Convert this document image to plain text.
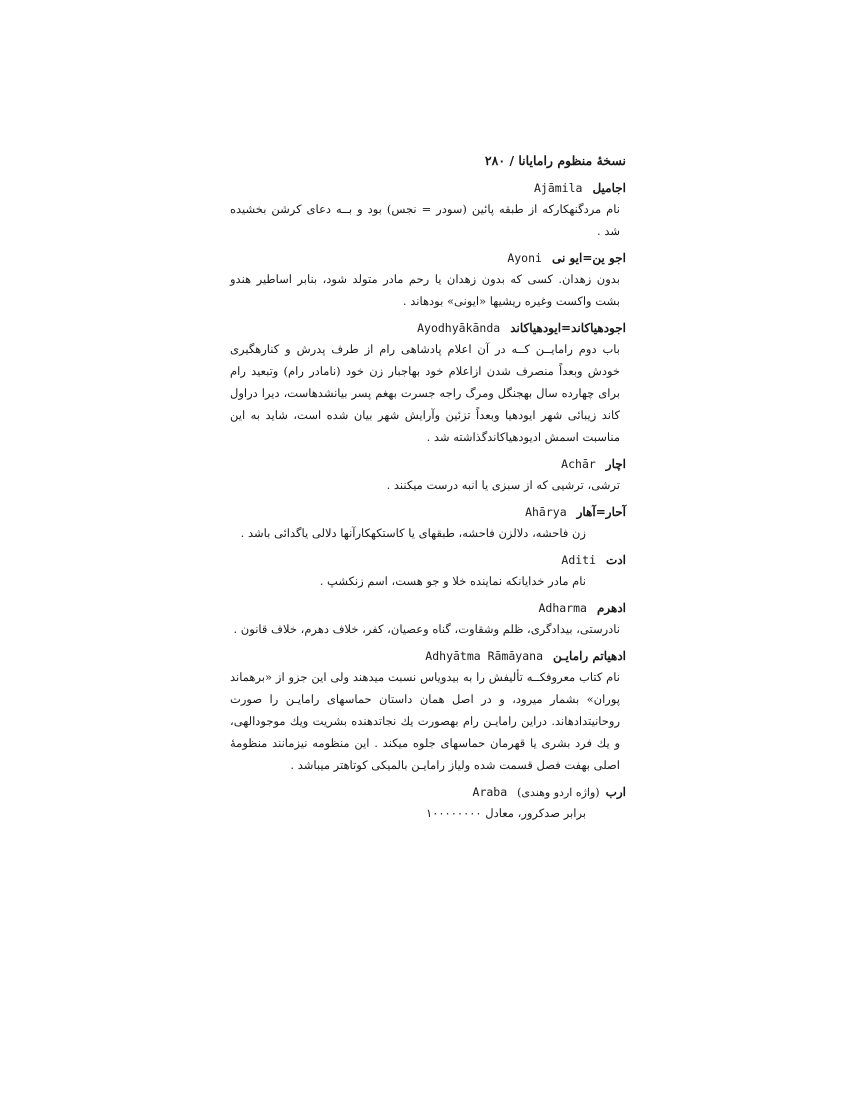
نسخهٔ منظوم رامایانا / ۲۸۰
اجامیلAjāmila
نام مردگنهکارکه از طبقه پائین (سودر = نجس) بود و بــه دعای کرشن بخشیده شد .
اجو ین=ایو نیAyoni
بدون زهدان. کسی که بدون زهدان یا رحم مادر متولد شود، بنابر اساطیر هندو بشت واکست وغیره ریشیها «ایونی» بودهاند .
اجودهیاکاند=ایودهیاکاندAyodhyākānda
باب دوم رامایــن کــه در آن اعلام پادشاهی رام از طرف پدرش و کنارهگیری خودش وبعداً منصرف شدن ازاعلام خود بهاجبار زن خود (نامادر رام) وتبعید رام برای چهارده سال بهجنگل ومرگ راجه جسرت بهغم پسر بیانشدهاست، دیرا دراول کاند زیبائی شهر ایودهیا وبعداً تزئین وآرایش شهر بیان شده است، شاید به این مناسبت اسمش ادیودهیاکاندگذاشته شد .
اچارAchār
ترشی، ترشیی که از سبزی یا انبه درست میکنند .
آحار=آهارAhārya
زن فاحشه، دلالزن فاحشه، طبقهای یا کاستکهکارآنها دلالی یاگدائی باشد .
ادتAditi
نام مادر خدایانکه نماینده خلا و جو هست، اسم زنکشپ .
ادهرمAdharma
نادرستی، بیدادگری، ظلم وشقاوت، گناه وعصیان، کفر، خلاف دهرم، خلاف قانون .
ادهیاتم رامایـنAdhyātma Rāmāyana
نام کتاب معروفکــه تألیفش را به بیدویاس نسبت میدهند ولی این جزو از «برهماند پوران» بشمار میرود، و در اصل همان داستان حماسهای رامایـن را صورت روحانیتدادهاند. دراین رامایـن رام بهصورت یك نجاتدهنده بشریت ویك موجودالهی، و یك فرد بشری یا قهرمان حماسهای جلوه میکند . این منظومه نیزمانند منظومهٔ اصلی بهفت فصل قسمت شده ولیاز رامایـن بالمیکی کوتاهتر میباشد .
ارب(واژه اردو وهندی)Araba
برابر صدکرور، معادل ۱۰۰۰۰۰۰۰۰
